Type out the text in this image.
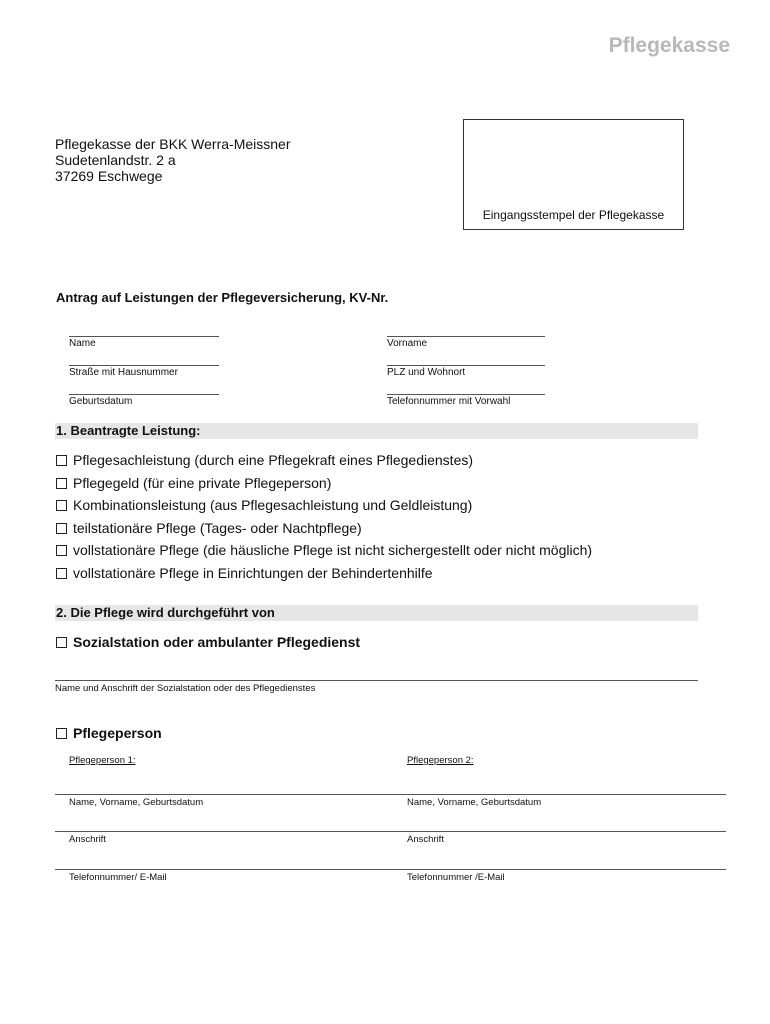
Pflegekasse
Pflegekasse der BKK Werra-Meissner
Sudetenlandstr. 2 a
37269 Eschwege
Eingangsstempel der Pflegekasse
Antrag auf Leistungen der Pflegeversicherung, KV-Nr.
Name	Vorname
Straße mit Hausnummer	PLZ und Wohnort
Geburtsdatum	Telefonnummer mit Vorwahl
1. Beantragte Leistung:
Pflegesachleistung (durch eine Pflegekraft eines Pflegedienstes)
Pflegegeld (für eine private Pflegeperson)
Kombinationsleistung (aus Pflegesachleistung und Geldleistung)
teilstationäre Pflege (Tages- oder Nachtpflege)
vollstationäre Pflege (die häusliche Pflege ist nicht sichergestellt oder nicht möglich)
vollstationäre Pflege in Einrichtungen der Behindertenhilfe
2. Die Pflege wird durchgeführt von
Sozialstation oder ambulanter Pflegedienst
Name und Anschrift der Sozialstation oder des Pflegedienstes
Pflegeperson
Pflegeperson 1:	Pflegeperson 2:
Name, Vorname, Geburtsdatum	Name, Vorname, Geburtsdatum
Anschrift	Anschrift
Telefonnummer/ E-Mail	Telefonnummer /E-Mail
